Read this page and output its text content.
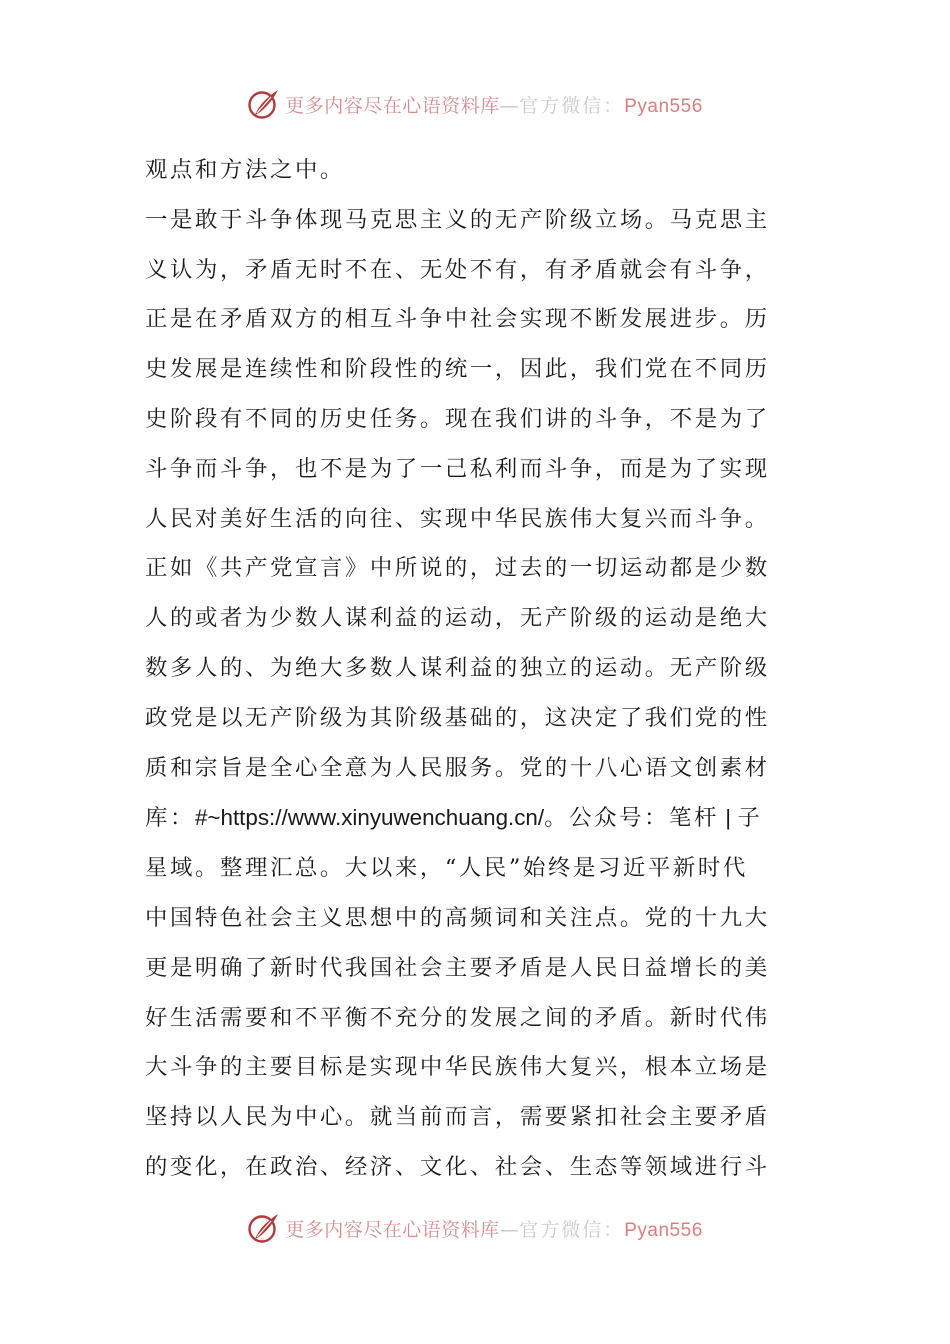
更多内容尽在心语资料库—官方微信：Pyan556

观点和方法之中。

一是敢于斗争体现马克思主义的无产阶级立场。马克思主

义认为，矛盾无时不在、无处不有，有矛盾就会有斗争，

正是在矛盾双方的相互斗争中社会实现不断发展进步。历

史发展是连续性和阶段性的统一，因此，我们党在不同历

史阶段有不同的历史任务。现在我们讲的斗争，不是为了

斗争而斗争，也不是为了一己私利而斗争，而是为了实现

人民对美好生活的向往、实现中华民族伟大复兴而斗争。

正如《共产党宣言》中所说的，过去的一切运动都是少数

人的或者为少数人谋利益的运动，无产阶级的运动是绝大

数多人的、为绝大多数人谋利益的独立的运动。无产阶级

政党是以无产阶级为其阶级基础的，这决定了我们党的性

质和宗旨是全心全意为人民服务。党的十八心语文创素材

库：#~https://www.xinyuwenchuang.cn/。公众号：笔杆 | 子

星域。整理汇总。大以来，“人民”始终是习近平新时代

中国特色社会主义思想中的高频词和关注点。党的十九大

更是明确了新时代我国社会主要矛盾是人民日益增长的美

好生活需要和不平衡不充分的发展之间的矛盾。新时代伟

大斗争的主要目标是实现中华民族伟大复兴，根本立场是

坚持以人民为中心。就当前而言，需要紧扣社会主要矛盾

的变化，在政治、经济、文化、社会、生态等领域进行斗

更多内容尽在心语资料库—官方微信：Pyan556
